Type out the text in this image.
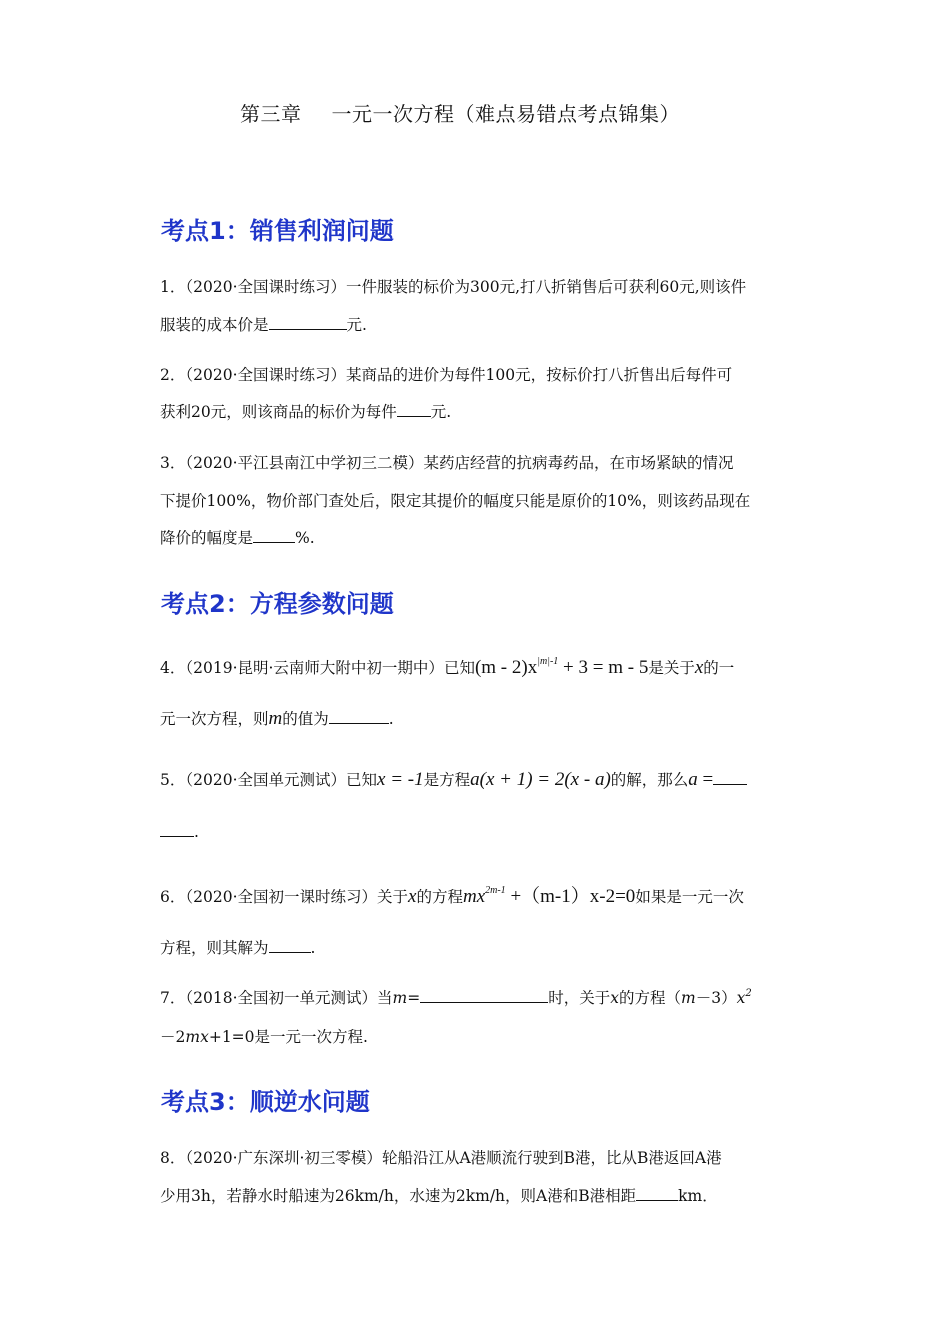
第三章 一元一次方程（难点易错点考点锦集）
考点1：销售利润问题
1．（2020·全国课时练习）一件服装的标价为300元,打八折销售后可获利60元,则该件
服装的成本价是	元.
2．（2020·全国课时练习）某商品的进价为每件100元，按标价打八折售出后每件可
获利20元，则该商品的标价为每件 元.
3．（2020·平江县南江中学初三二模）某药店经营的抗病毒药品，在市场紧缺的情况
下提价100%，物价部门查处后，限定其提价的幅度只能是原价的10%，则该药品现在
降价的幅度是	%.
考点2：方程参数问题
4．（2019·昆明·云南师大附中初一期中）已知$(m - 2)x^{|m|-1} + 3 = m - 5$是关于x的一
元一次方程，则m的值为	.
5．（2020·全国单元测试）已知x = -1是方程a(x + 1) = 2(x - a)的解，那么a =
.
6．（2020·全国初一课时练习）关于x的方程$mx^{2m-1} +(m-1)x-2=0$如果是一元一次
方程，则其解为	.
7．（2018·全国初一单元测试）当m=	时，关于x的方程$(m-3)x^2$
－2mx+1=0是一元一次方程.
考点3：顺逆水问题
8．（2020·广东深圳·初三零模）轮船沿江从A港顺流行驶到B港，比从B港返回A港
少用3h，若静水时船速为26km/h，水速为2km/h，则A港和B港相距	km．
